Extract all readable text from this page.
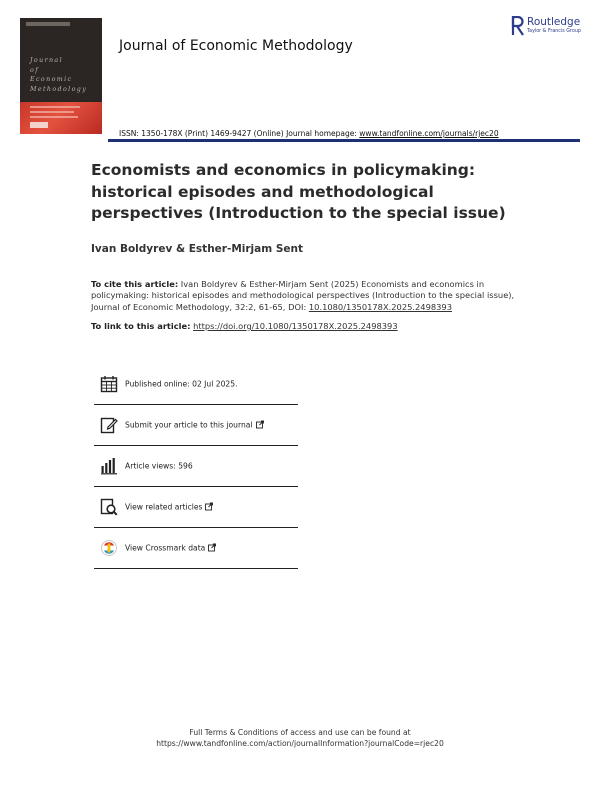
Journal
of
Economic
Methodology
Journal of Economic Methodology
Routledge
Taylor & Francis Group
ISSN: 1350-178X (Print) 1469-9427 (Online) Journal homepage: www.tandfonline.com/journals/rjec20
Economists and economics in policymaking: historical episodes and methodological perspectives (Introduction to the special issue)
Ivan Boldyrev & Esther-Mirjam Sent
To cite this article: Ivan Boldyrev & Esther-Mirjam Sent (2025) Economists and economics in policymaking: historical episodes and methodological perspectives (Introduction to the special issue), Journal of Economic Methodology, 32:2, 61-65, DOI: 10.1080/1350178X.2025.2498393
To link to this article: https://doi.org/10.1080/1350178X.2025.2498393
Published online: 02 Jul 2025.
Submit your article to this journal
Article views: 596
View related articles
View Crossmark data
Full Terms & Conditions of access and use can be found at
https://www.tandfonline.com/action/journalInformation?journalCode=rjec20
